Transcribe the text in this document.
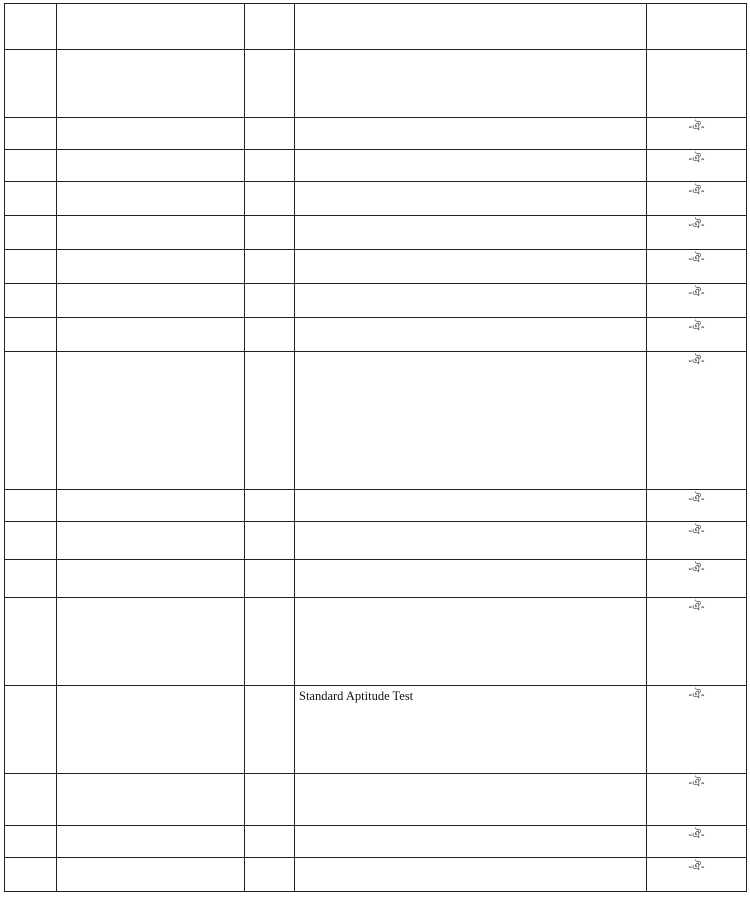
			-ঐ-

			-ঐ-

			-ঐ-

			-ঐ-

			-ঐ-

			-ঐ-

			-ঐ-

			-ঐ-

			-ঐ-

			-ঐ-

			-ঐ-

			-ঐ-

		Standard Aptitude Test	-ঐ-

			-ঐ-

			-ঐ-

			-ঐ-
